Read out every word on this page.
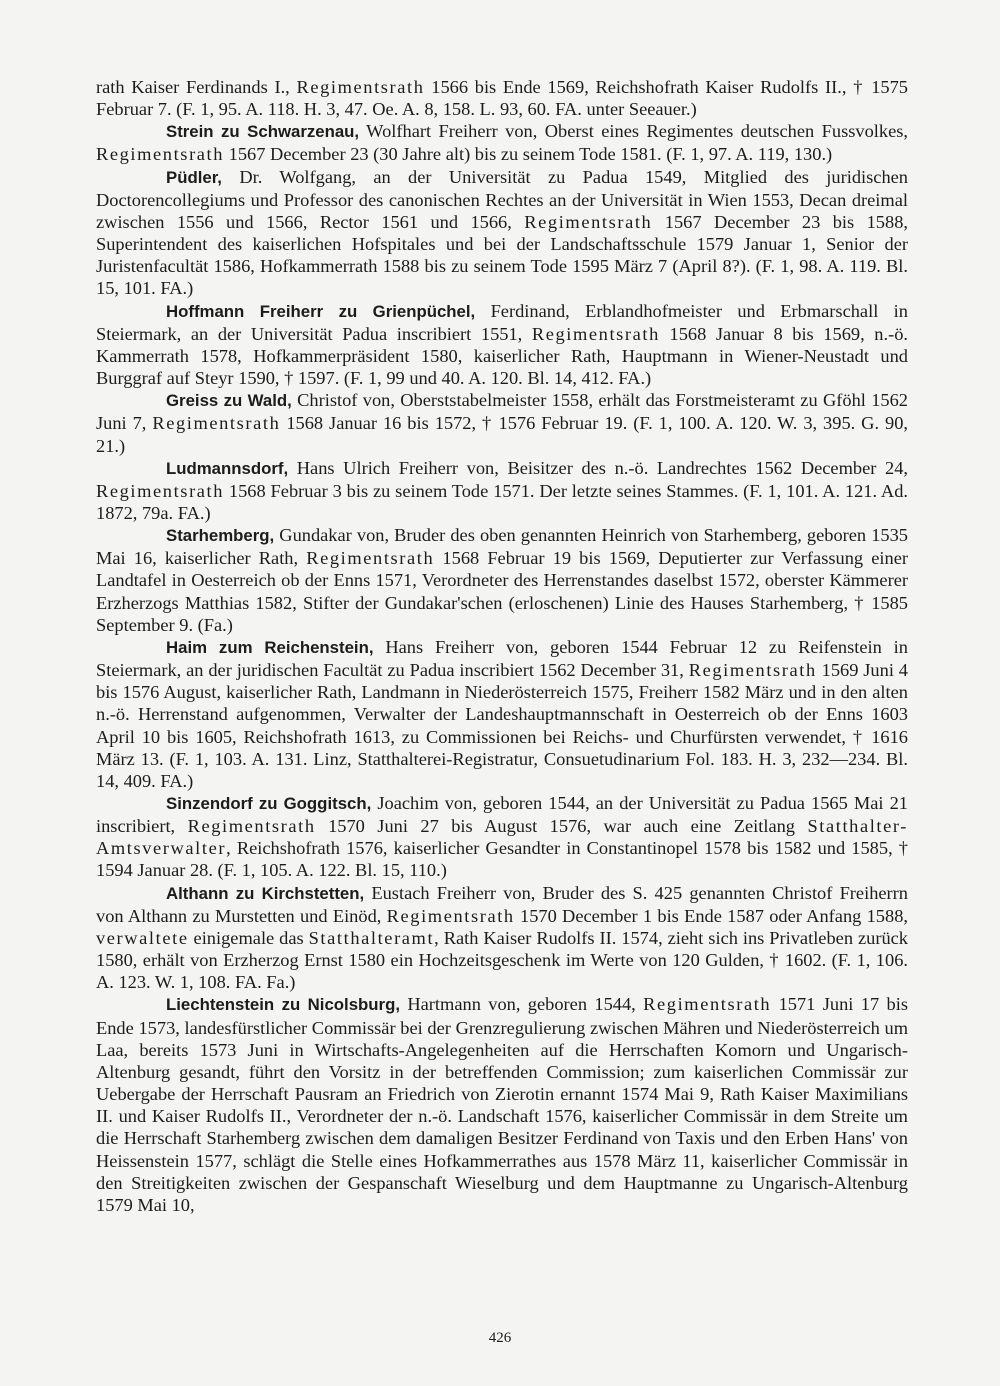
rath Kaiser Ferdinands I., Regimentsrath 1566 bis Ende 1569, Reichshofrath Kaiser Rudolfs II., † 1575 Februar 7. (F. 1, 95. A. 118. H. 3, 47. Oe. A. 8, 158. L. 93, 60. FA. unter Seeauer.)

Strein zu Schwarzenau, Wolfhart Freiherr von, Oberst eines Regimentes deutschen Fussvolkes, Regimentsrath 1567 December 23 (30 Jahre alt) bis zu seinem Tode 1581. (F. 1, 97. A. 119, 130.)

Püdler, Dr. Wolfgang, an der Universität zu Padua 1549, Mitglied des juridischen Doctorencollegiums und Professor des canonischen Rechtes an der Universität in Wien 1553, Decan dreimal zwischen 1556 und 1566, Rector 1561 und 1566, Regimentsrath 1567 December 23 bis 1588, Superintendent des kaiserlichen Hofspitales und bei der Landschaftsschule 1579 Januar 1, Senior der Juristenfacultät 1586, Hofkammerrath 1588 bis zu seinem Tode 1595 März 7 (April 8?). (F. 1, 98. A. 119. Bl. 15, 101. FA.)

Hoffmann Freiherr zu Grienpüchel, Ferdinand, Erblandhofmeister und Erbmarschall in Steiermark, an der Universität Padua inscribiert 1551, Regimentsrath 1568 Januar 8 bis 1569, n.-ö. Kammerrath 1578, Hofkammerpräsident 1580, kaiserlicher Rath, Hauptmann in Wiener-Neustadt und Burggraf auf Steyr 1590, † 1597. (F. 1, 99 und 40. A. 120. Bl. 14, 412. FA.)

Greiss zu Wald, Christof von, Oberststabelmeister 1558, erhält das Forstmeisteramt zu Gföhl 1562 Juni 7, Regimentsrath 1568 Januar 16 bis 1572, † 1576 Februar 19. (F. 1, 100. A. 120. W. 3, 395. G. 90, 21.)

Ludmannsdorf, Hans Ulrich Freiherr von, Beisitzer des n.-ö. Landrechtes 1562 December 24, Regimentsrath 1568 Februar 3 bis zu seinem Tode 1571. Der letzte seines Stammes. (F. 1, 101. A. 121. Ad. 1872, 79a. FA.)

Starhemberg, Gundakar von, Bruder des oben genannten Heinrich von Starhemberg, geboren 1535 Mai 16, kaiserlicher Rath, Regimentsrath 1568 Februar 19 bis 1569, Deputierter zur Verfassung einer Landtafel in Oesterreich ob der Enns 1571, Verordneter des Herrenstandes daselbst 1572, oberster Kämmerer Erzherzogs Matthias 1582, Stifter der Gundakar'schen (erloschenen) Linie des Hauses Starhemberg, † 1585 September 9. (Fa.)

Haim zum Reichenstein, Hans Freiherr von, geboren 1544 Februar 12 zu Reifenstein in Steiermark, an der juridischen Facultät zu Padua inscribiert 1562 December 31, Regimentsrath 1569 Juni 4 bis 1576 August, kaiserlicher Rath, Landmann in Niederösterreich 1575, Freiherr 1582 März und in den alten n.-ö. Herrenstand aufgenommen, Verwalter der Landeshauptmannschaft in Oesterreich ob der Enns 1603 April 10 bis 1605, Reichshofrath 1613, zu Commissionen bei Reichs- und Churfürsten verwendet, † 1616 März 13. (F. 1, 103. A. 131. Linz, Statthalterei-Registratur, Consuetudinarium Fol. 183. H. 3, 232—234. Bl. 14, 409. FA.)

Sinzendorf zu Goggitsch, Joachim von, geboren 1544, an der Universität zu Padua 1565 Mai 21 inscribiert, Regimentsrath 1570 Juni 27 bis August 1576, war auch eine Zeitlang Statthalter-Amtsverwalter, Reichshofrath 1576, kaiserlicher Gesandter in Constantinopel 1578 bis 1582 und 1585, † 1594 Januar 28. (F. 1, 105. A. 122. Bl. 15, 110.)

Althann zu Kirchstetten, Eustach Freiherr von, Bruder des S. 425 genannten Christof Freiherrn von Althann zu Murstetten und Einöd, Regimentsrath 1570 December 1 bis Ende 1587 oder Anfang 1588, verwaltete einigemale das Statthalteramt, Rath Kaiser Rudolfs II. 1574, zieht sich ins Privatleben zurück 1580, erhält von Erzherzog Ernst 1580 ein Hochzeitsgeschenk im Werte von 120 Gulden, † 1602. (F. 1, 106. A. 123. W. 1, 108. FA. Fa.)

Liechtenstein zu Nicolsburg, Hartmann von, geboren 1544, Regimentsrath 1571 Juni 17 bis Ende 1573, landesfürstlicher Commissär bei der Grenzregulierung zwischen Mähren und Niederösterreich um Laa, bereits 1573 Juni in Wirtschafts-Angelegenheiten auf die Herrschaften Komorn und Ungarisch-Altenburg gesandt, führt den Vorsitz in der betreffenden Commission; zum kaiserlichen Commissär zur Uebergabe der Herrschaft Pausram an Friedrich von Zierotin ernannt 1574 Mai 9, Rath Kaiser Maximilians II. und Kaiser Rudolfs II., Verordneter der n.-ö. Landschaft 1576, kaiserlicher Commissär in dem Streite um die Herrschaft Starhemberg zwischen dem damaligen Besitzer Ferdinand von Taxis und den Erben Hans' von Heissenstein 1577, schlägt die Stelle eines Hofkammerrathes aus 1578 März 11, kaiserlicher Commissär in den Streitigkeiten zwischen der Gespanschaft Wieselburg und dem Hauptmanne zu Ungarisch-Altenburg 1579 Mai 10,

426
